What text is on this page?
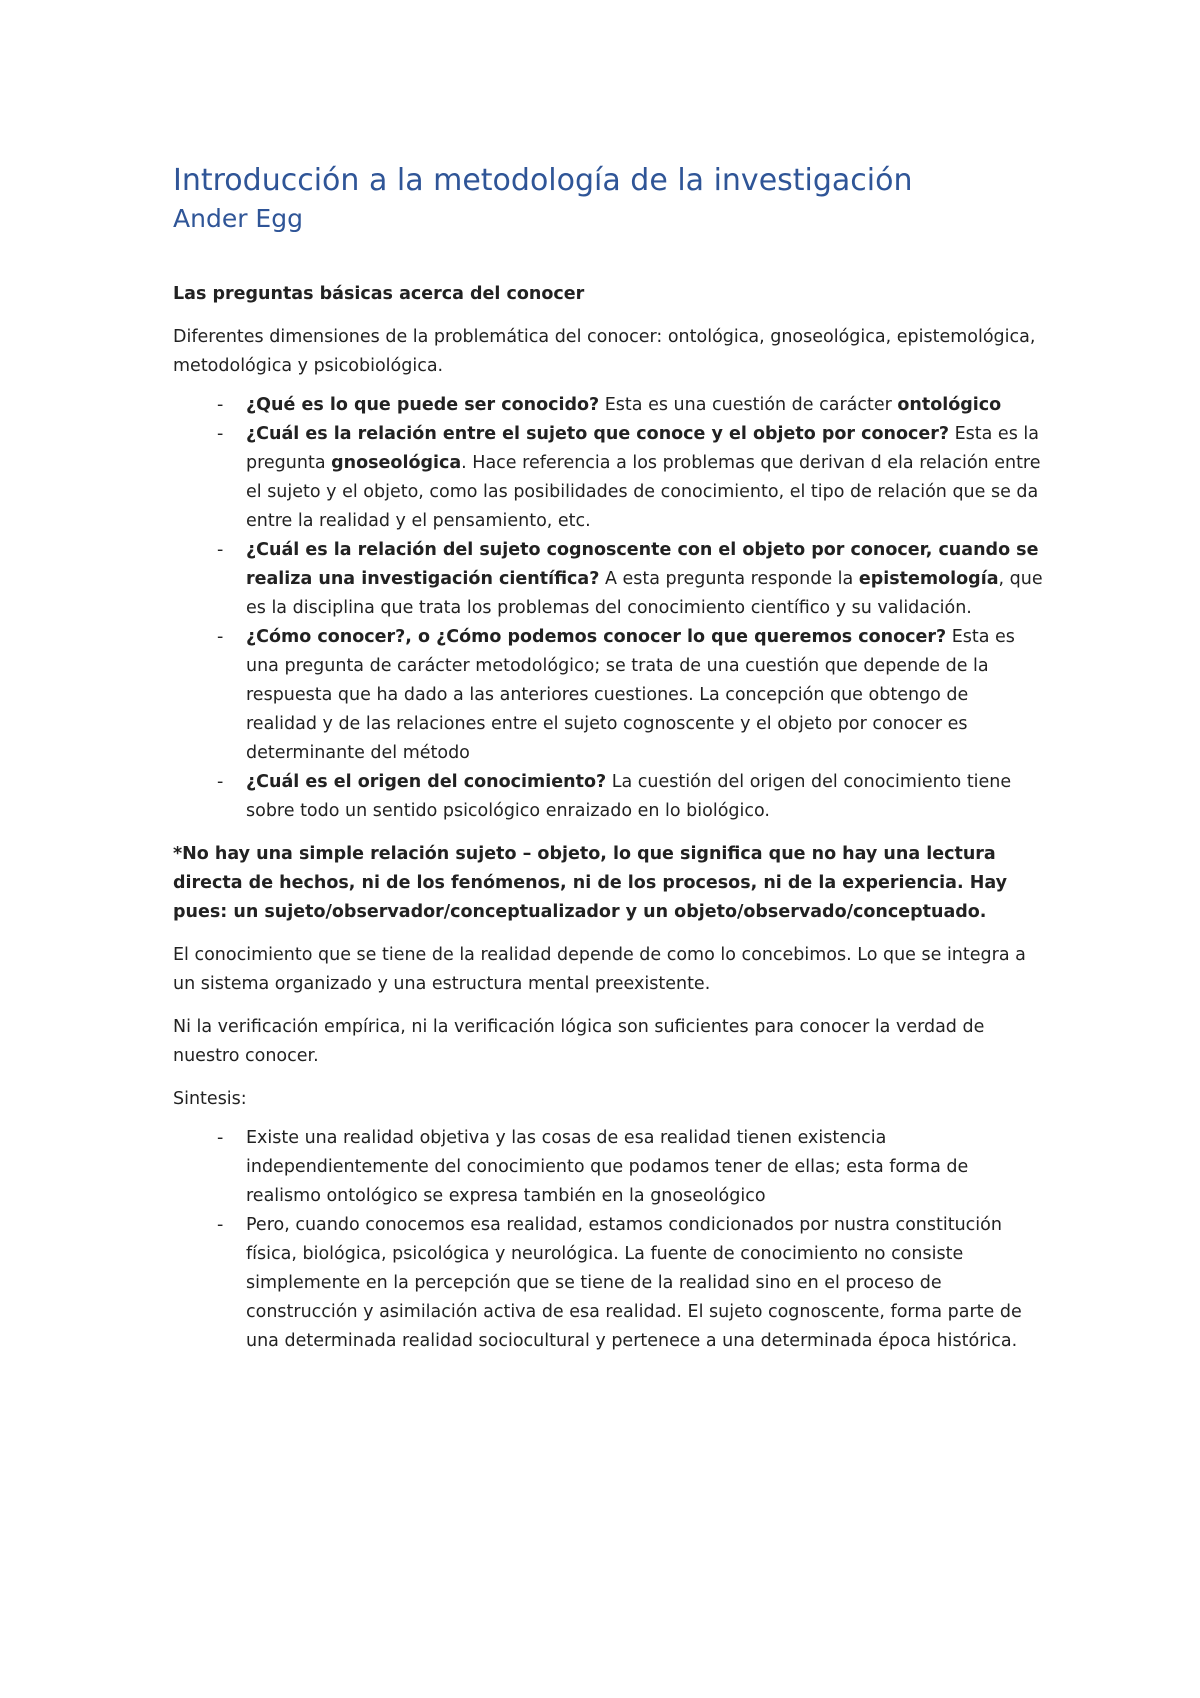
Introducción a la metodología de la investigación
Ander Egg

Las preguntas básicas acerca del conocer

Diferentes dimensiones de la problemática del conocer: ontológica, gnoseológica, epistemológica, metodológica y psicobiológica.

- ¿Qué es lo que puede ser conocido? Esta es una cuestión de carácter ontológico
- ¿Cuál es la relación entre el sujeto que conoce y el objeto por conocer? Esta es la pregunta gnoseológica. Hace referencia a los problemas que derivan d ela relación entre el sujeto y el objeto, como las posibilidades de conocimiento, el tipo de relación que se da entre la realidad y el pensamiento, etc.
- ¿Cuál es la relación del sujeto cognoscente con el objeto por conocer, cuando se realiza una investigación científica? A esta pregunta responde la epistemología, que es la disciplina que trata los problemas del conocimiento científico y su validación.
- ¿Cómo conocer?, o ¿Cómo podemos conocer lo que queremos conocer? Esta es una pregunta de carácter metodológico; se trata de una cuestión que depende de la respuesta que ha dado a las anteriores cuestiones. La concepción que obtengo de realidad y de las relaciones entre el sujeto cognoscente y el objeto por conocer es determinante del método
- ¿Cuál es el origen del conocimiento? La cuestión del origen del conocimiento tiene sobre todo un sentido psicológico enraizado en lo biológico.

*No hay una simple relación sujeto – objeto, lo que significa que no hay una lectura directa de hechos, ni de los fenómenos, ni de los procesos, ni de la experiencia. Hay pues: un sujeto/observador/conceptualizador y un objeto/observado/conceptuado.

El conocimiento que se tiene de la realidad depende de como lo concebimos. Lo que se integra a un sistema organizado y una estructura mental preexistente.

Ni la verificación empírica, ni la verificación lógica son suficientes para conocer la verdad de nuestro conocer.

Sintesis:

- Existe una realidad objetiva y las cosas de esa realidad tienen existencia independientemente del conocimiento que podamos tener de ellas; esta forma de realismo ontológico se expresa también en la gnoseológico
- Pero, cuando conocemos esa realidad, estamos condicionados por nustra constitución física, biológica, psicológica y neurológica. La fuente de conocimiento no consiste simplemente en la percepción que se tiene de la realidad sino en el proceso de construcción y asimilación activa de esa realidad. El sujeto cognoscente, forma parte de una determinada realidad sociocultural y pertenece a una determinada época histórica.
